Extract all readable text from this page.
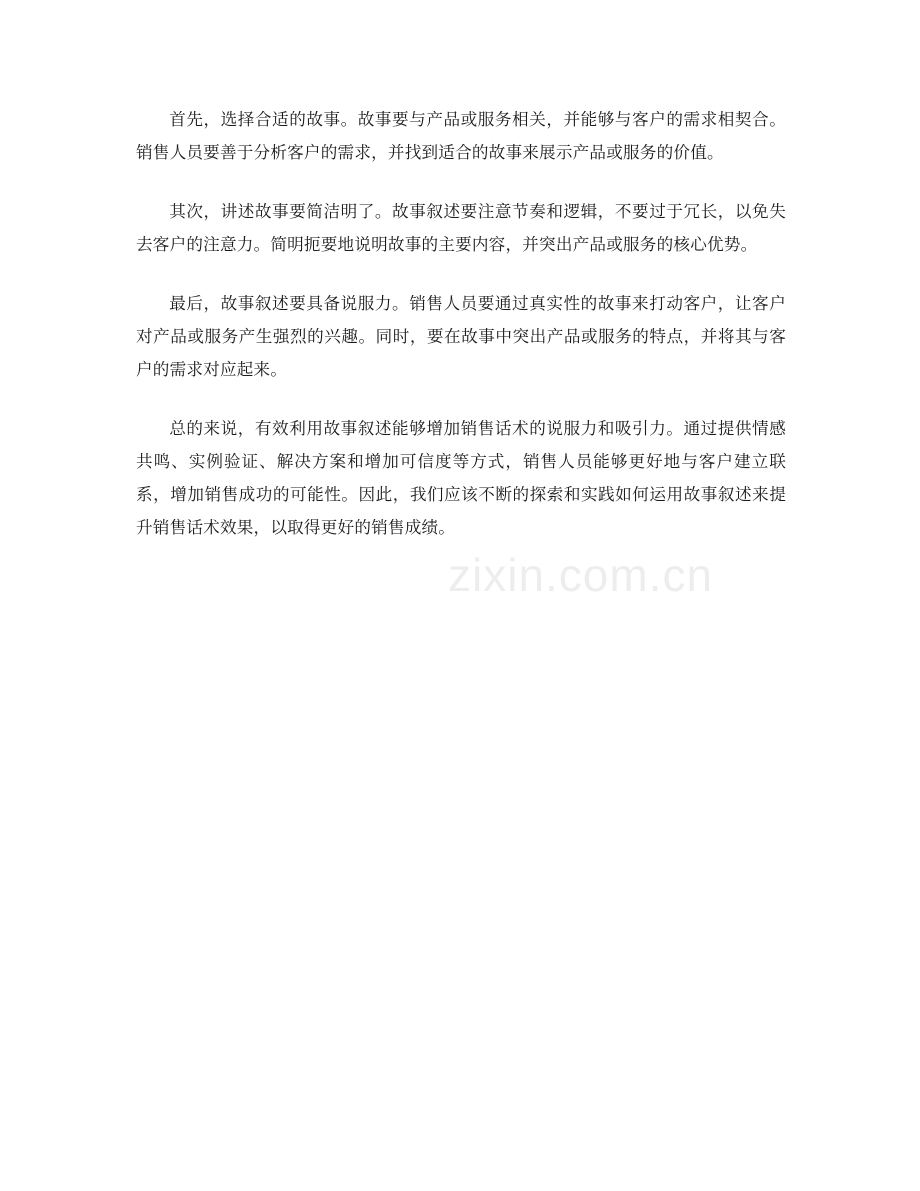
首先，选择合适的故事。故事要与产品或服务相关，并能够与客户的需求相契合。销售人员要善于分析客户的需求，并找到适合的故事来展示产品或服务的价值。

其次，讲述故事要简洁明了。故事叙述要注意节奏和逻辑，不要过于冗长，以免失去客户的注意力。简明扼要地说明故事的主要内容，并突出产品或服务的核心优势。

最后，故事叙述要具备说服力。销售人员要通过真实性的故事来打动客户，让客户对产品或服务产生强烈的兴趣。同时，要在故事中突出产品或服务的特点，并将其与客户的需求对应起来。

总的来说，有效利用故事叙述能够增加销售话术的说服力和吸引力。通过提供情感共鸣、实例验证、解决方案和增加可信度等方式，销售人员能够更好地与客户建立联系，增加销售成功的可能性。因此，我们应该不断的探索和实践如何运用故事叙述来提升销售话术效果，以取得更好的销售成绩。

zixin.com.cn
